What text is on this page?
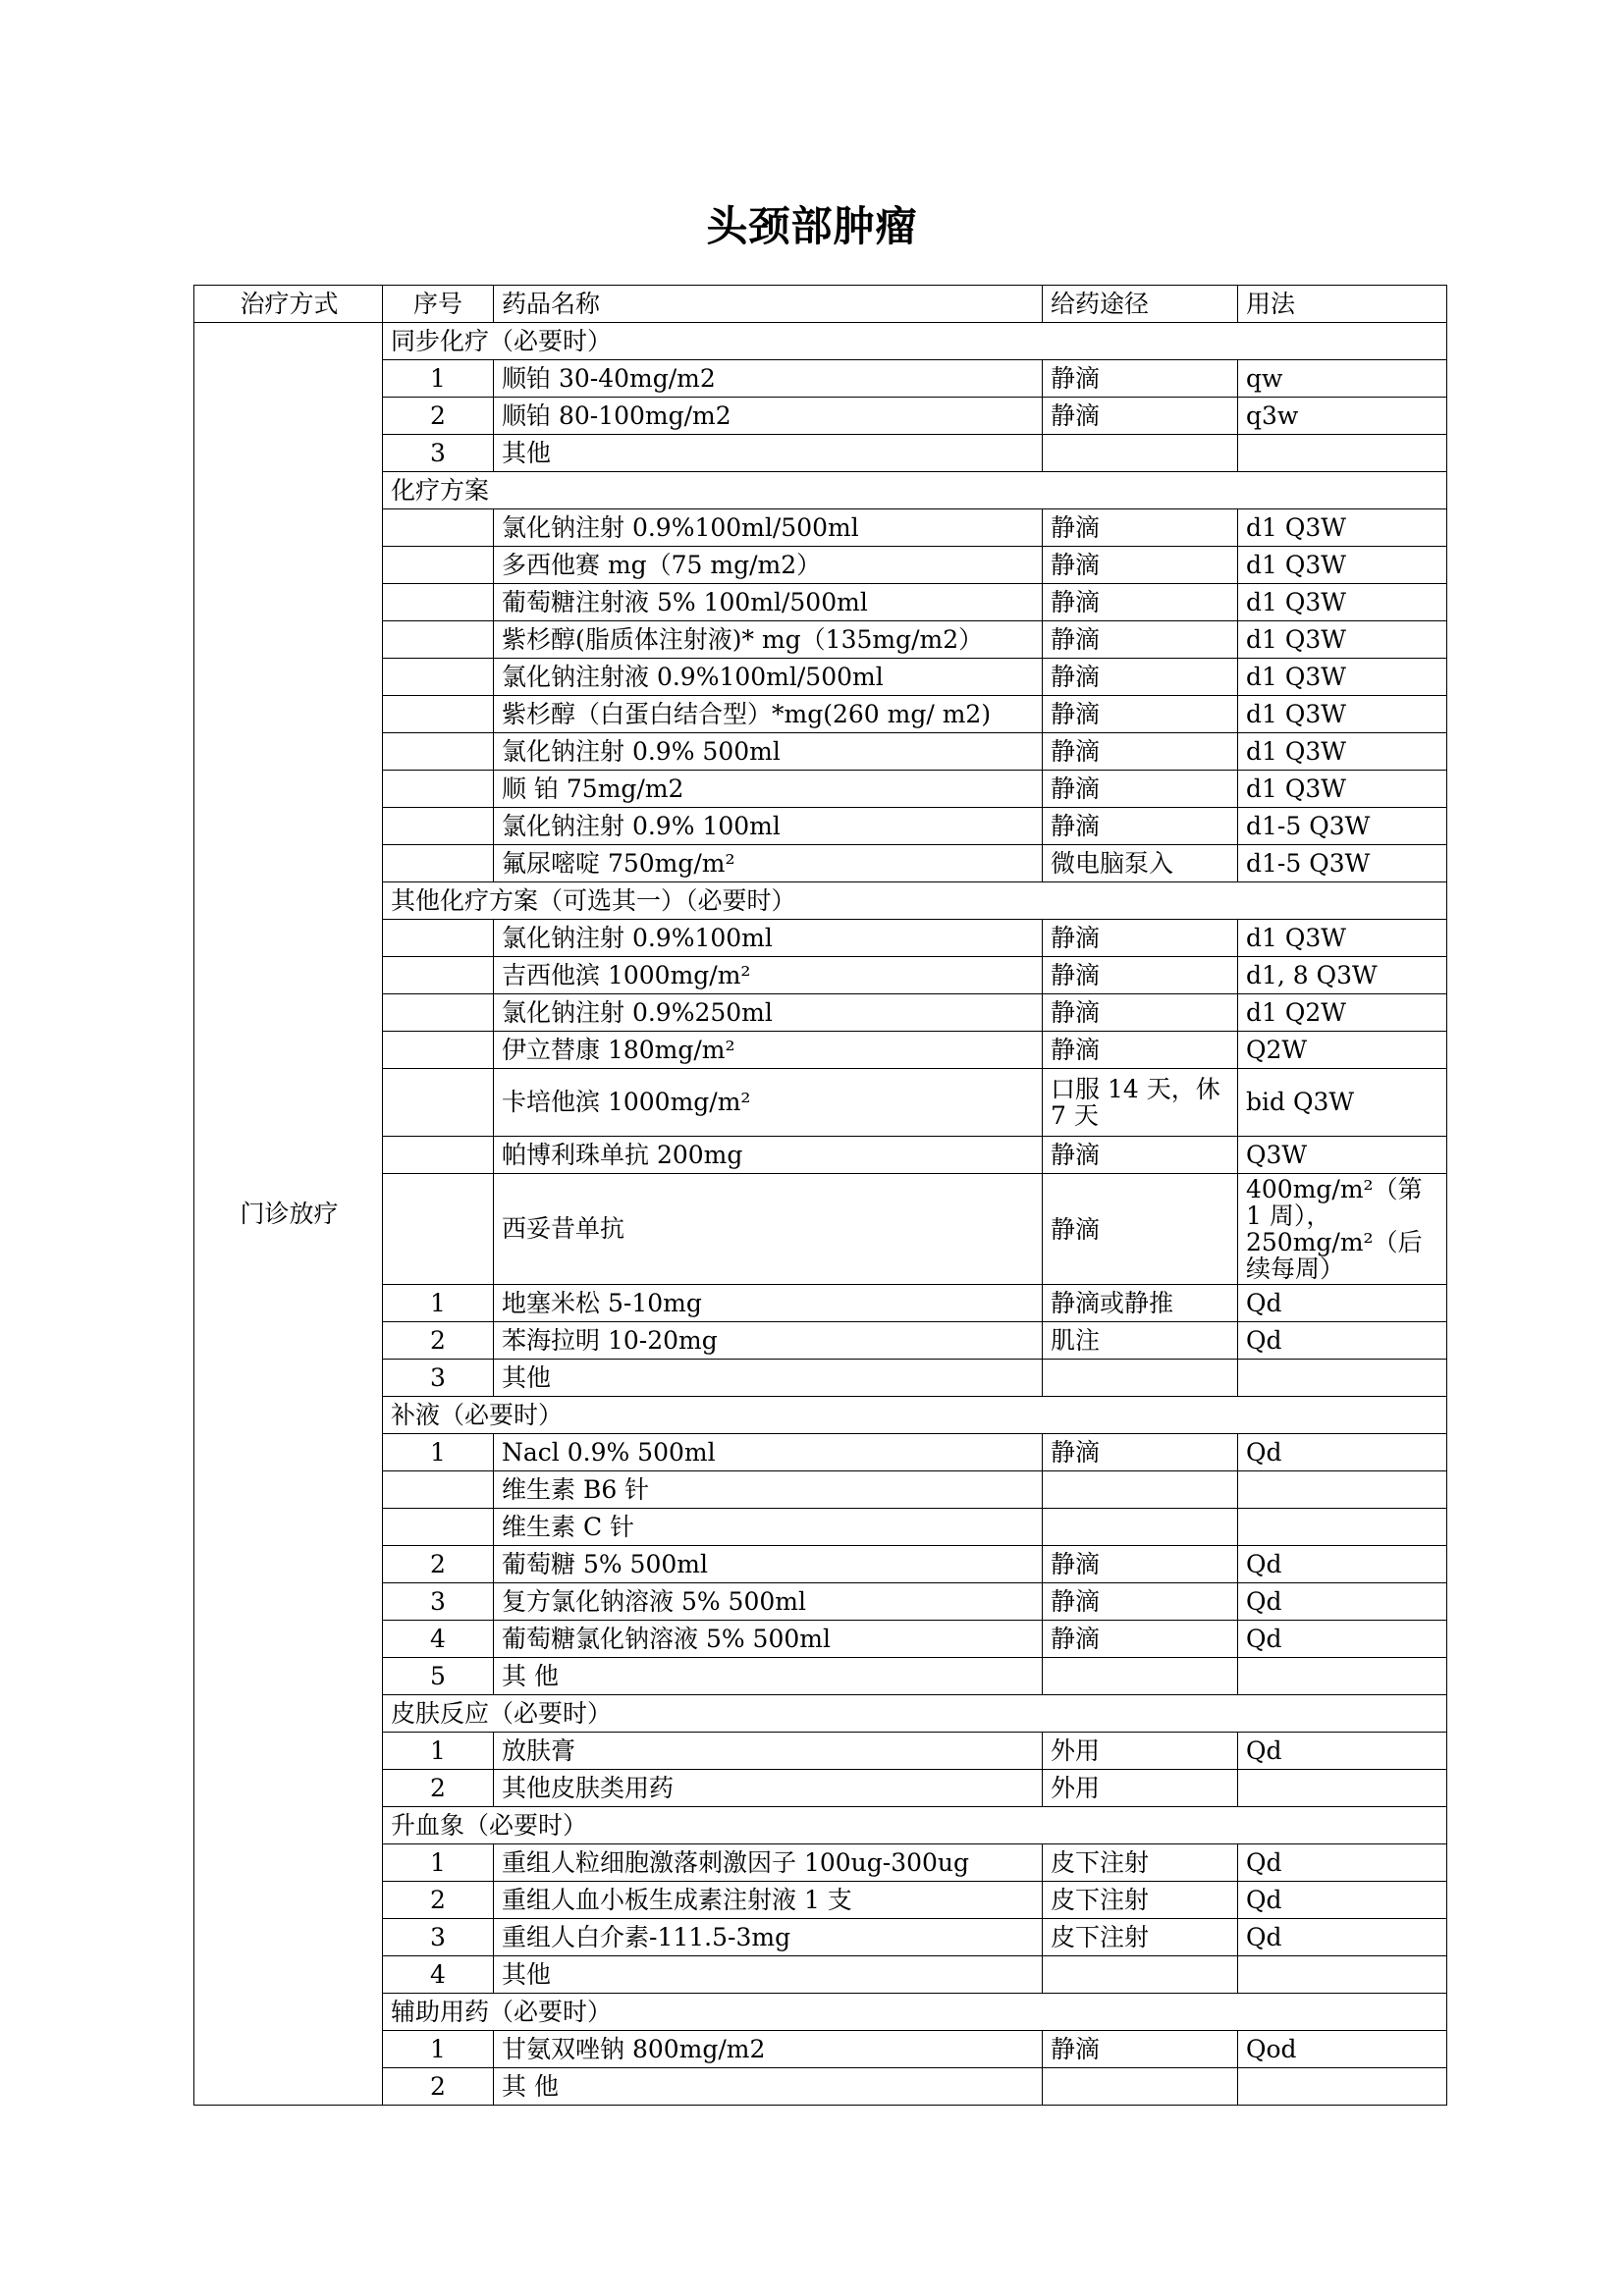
头颈部肿瘤
治疗方式	序号	药品名称	给药途径	用法
门诊放疗	同步化疗（必要时）			
	1	顺铂 30-40mg/m2	静滴	qw
	2	顺铂 80-100mg/m2	静滴	q3w
	3	其他		
	化疗方案			
		氯化钠注射 0.9%100ml/500ml	静滴	d1 Q3W
		多西他赛 mg（75 mg/m2）	静滴	d1 Q3W
		葡萄糖注射液 5% 100ml/500ml	静滴	d1 Q3W
		紫杉醇(脂质体注射液)* mg（135mg/m2）	静滴	d1 Q3W
		氯化钠注射液 0.9%100ml/500ml	静滴	d1 Q3W
		紫杉醇（白蛋白结合型）*mg(260 mg/ m2)	静滴	d1 Q3W
		氯化钠注射 0.9% 500ml	静滴	d1 Q3W
		顺 铂 75mg/m2	静滴	d1 Q3W
		氯化钠注射 0.9% 100ml	静滴	d1-5 Q3W
		氟尿嘧啶 750mg/m²	微电脑泵入	d1-5 Q3W
	其他化疗方案（可选其一）（必要时）			
		氯化钠注射 0.9%100ml	静滴	d1 Q3W
		吉西他滨 1000mg/m²	静滴	d1, 8 Q3W
		氯化钠注射 0.9%250ml	静滴	d1 Q2W
		伊立替康 180mg/m²	静滴	Q2W
		卡培他滨 1000mg/m²	口服 14 天，休 7 天	bid Q3W
		帕博利珠单抗 200mg	静滴	Q3W
		西妥昔单抗	静滴	400mg/m²（第 1 周），250mg/m²（后续每周）
	1	地塞米松 5-10mg	静滴或静推	Qd
	2	苯海拉明 10-20mg	肌注	Qd
	3	其他		
	补液（必要时）			
	1	Nacl 0.9% 500ml	静滴	Qd
		维生素 B6 针		
		维生素 C 针		
	2	葡萄糖 5% 500ml	静滴	Qd
	3	复方氯化钠溶液 5% 500ml	静滴	Qd
	4	葡萄糖氯化钠溶液 5% 500ml	静滴	Qd
	5	其 他		
	皮肤反应（必要时）			
	1	放肤膏	外用	Qd
	2	其他皮肤类用药	外用	
	升血象（必要时）			
	1	重组人粒细胞激落刺激因子 100ug-300ug	皮下注射	Qd
	2	重组人血小板生成素注射液 1 支	皮下注射	Qd
	3	重组人白介素-111.5-3mg	皮下注射	Qd
	4	其他		
	辅助用药（必要时）			
	1	甘氨双唑钠 800mg/m2	静滴	Qod
	2	其 他		
